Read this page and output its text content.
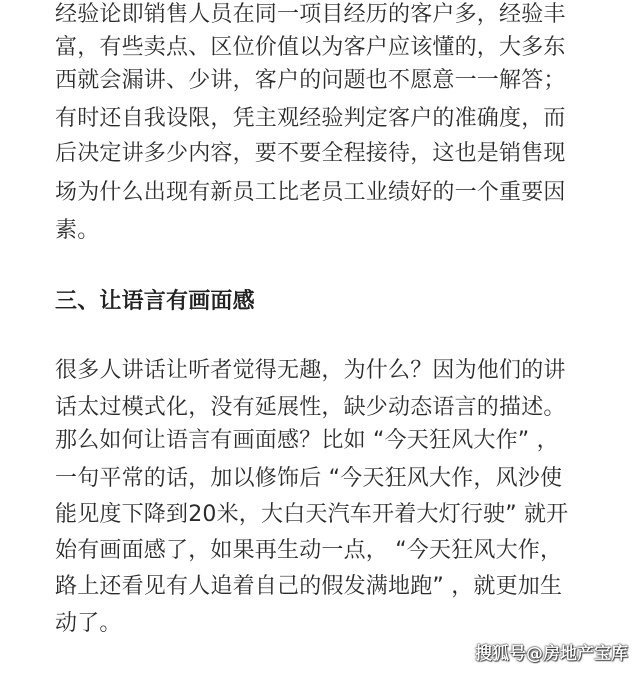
经验论即销售人员在同一项目经历的客户多，经验丰
富，有些卖点、区位价值以为客户应该懂的，大多东
西就会漏讲、少讲，客户的问题也不愿意一一解答；
有时还自我设限，凭主观经验判定客户的准确度，而
后决定讲多少内容，要不要全程接待，这也是销售现
场为什么出现有新员工比老员工业绩好的一个重要因
素。
三、让语言有画面感
很多人讲话让听者觉得无趣，为什么？因为他们的讲
话太过模式化，没有延展性，缺少动态语言的描述。
那么如何让语言有画面感？比如 “今天狂风大作” ，
一句平常的话，加以修饰后 “今天狂风大作，风沙使
能见度下降到20米，大白天汽车开着大灯行驶” 就开
始有画面感了，如果再生动一点， “今天狂风大作，
路上还看见有人追着自己的假发满地跑” ，就更加生
动了。
搜狐号@房地产宝库
